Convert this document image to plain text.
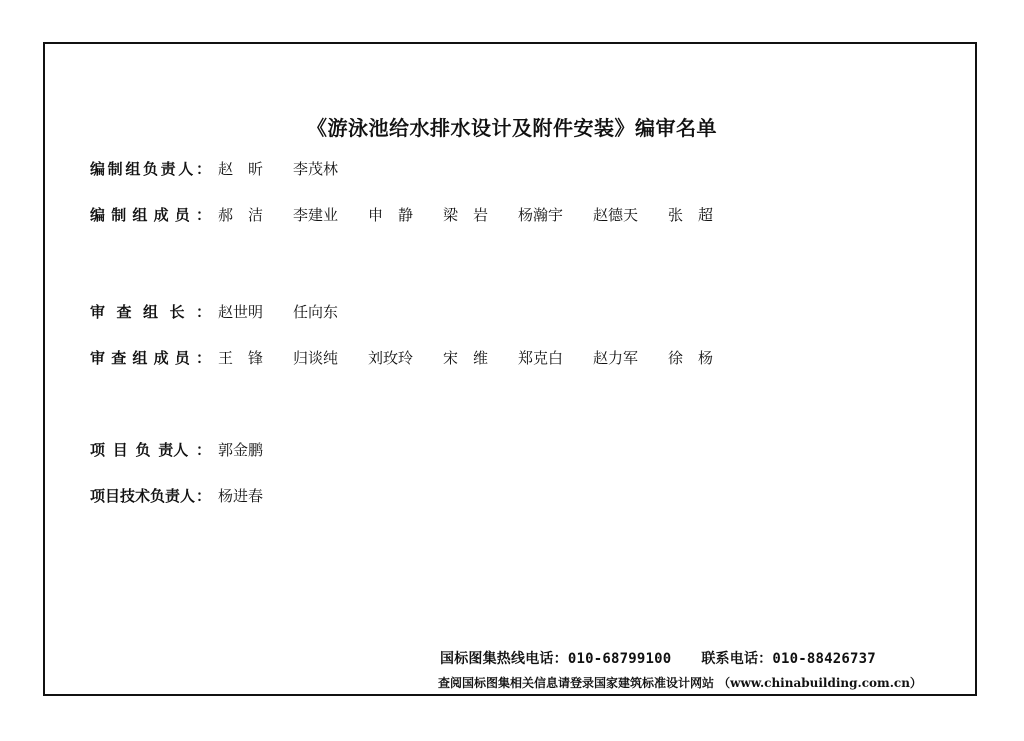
《游泳池给水排水设计及附件安装》编审名单
编 制 组 负 责 人 ： 赵　昕	李茂林
编 制 组 成 员 ： 郝　洁	李建业	申　静	梁　岩	杨瀚宇	赵德天	张　超
审 查 组 长 ： 赵世明	任向东
审 查 组 成 员 ： 王　锋	归谈纯	刘玫玲	宋　维	郑克白	赵力军	徐　杨
项 目 负 责人 ： 郭金鹏
项目技术负责人 ： 杨进春
国标图集热线电话：010-68799100 联系电话：010-88426737
查阅国标图集相关信息请登录国家建筑标准设计网站 （www.chinabuilding.com.cn）
